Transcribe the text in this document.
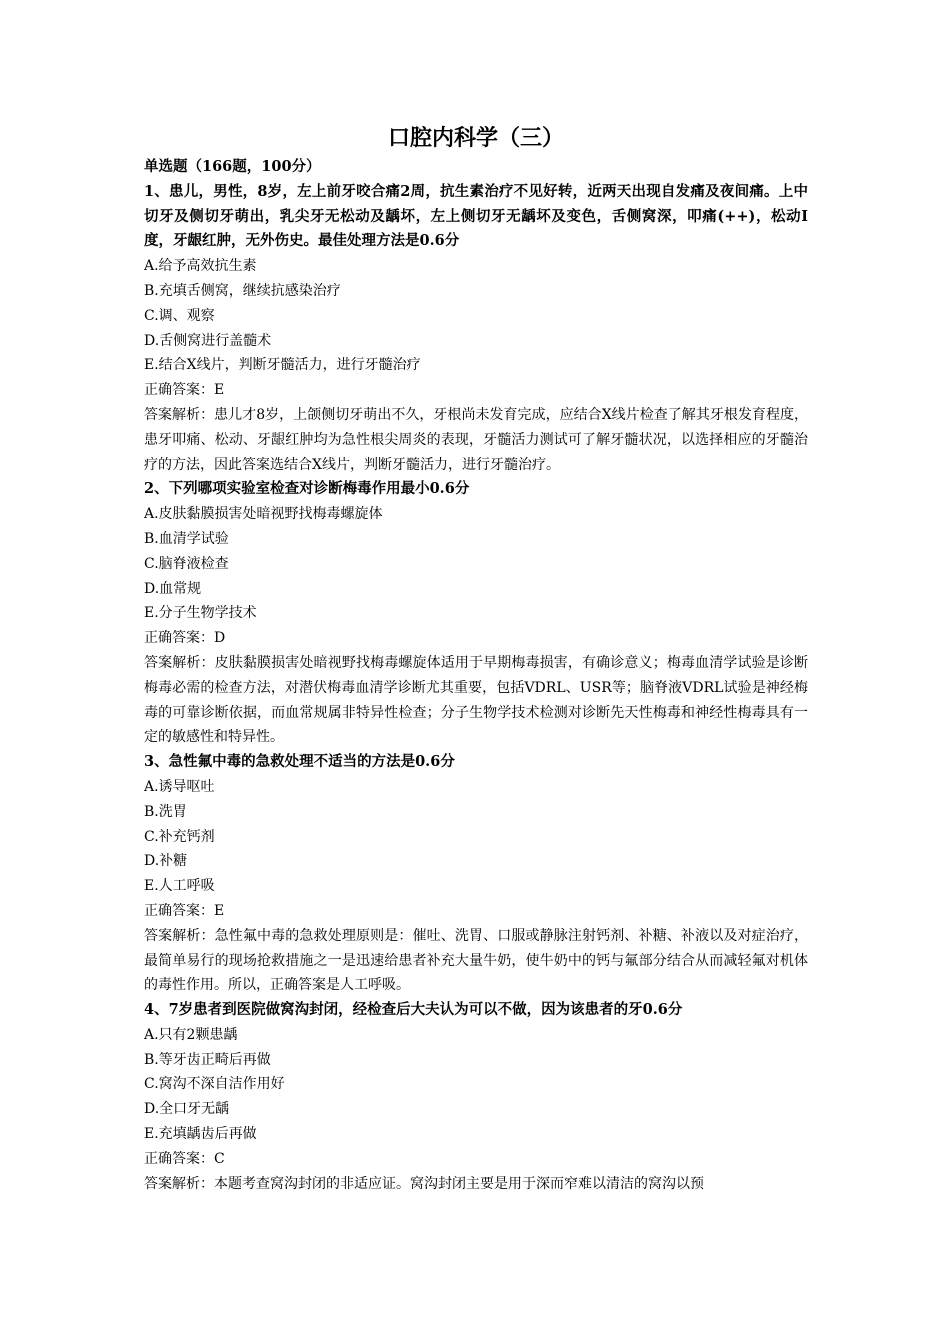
口腔内科学（三）
单选题（166题，100分）
1、患儿，男性，8岁，左上前牙咬合痛2周，抗生素治疗不见好转，近两天出现自发痛及夜间痛。上中切牙及侧切牙萌出，乳尖牙无松动及龋坏，左上侧切牙无龋坏及变色，舌侧窝深，叩痛(++)，松动Ⅰ度，牙龈红肿，无外伤史。最佳处理方法是0.6分
A.给予高效抗生素
B.充填舌侧窝，继续抗感染治疗
C.调、观察
D.舌侧窝进行盖髓术
E.结合X线片，判断牙髓活力，进行牙髓治疗
正确答案：E
答案解析：患儿才8岁，上颌侧切牙萌出不久，牙根尚未发育完成，应结合X线片检查了解其牙根发育程度，患牙叩痛、松动、牙龈红肿均为急性根尖周炎的表现，牙髓活力测试可了解牙髓状况，以选择相应的牙髓治疗的方法，因此答案选结合X线片，判断牙髓活力，进行牙髓治疗。
2、下列哪项实验室检查对诊断梅毒作用最小0.6分
A.皮肤黏膜损害处暗视野找梅毒螺旋体
B.血清学试验
C.脑脊液检查
D.血常规
E.分子生物学技术
正确答案：D
答案解析：皮肤黏膜损害处暗视野找梅毒螺旋体适用于早期梅毒损害，有确诊意义；梅毒血清学试验是诊断梅毒必需的检查方法，对潜伏梅毒血清学诊断尤其重要，包括VDRL、USR等；脑脊液VDRL试验是神经梅毒的可靠诊断依据，而血常规属非特异性检查；分子生物学技术检测对诊断先天性梅毒和神经性梅毒具有一定的敏感性和特异性。
3、急性氟中毒的急救处理不适当的方法是0.6分
A.诱导呕吐
B.洗胃
C.补充钙剂
D.补糖
E.人工呼吸
正确答案：E
答案解析：急性氟中毒的急救处理原则是：催吐、洗胃、口服或静脉注射钙剂、补糖、补液以及对症治疗，最简单易行的现场抢救措施之一是迅速给患者补充大量牛奶，使牛奶中的钙与氟部分结合从而减轻氟对机体的毒性作用。所以，正确答案是人工呼吸。
4、7岁患者到医院做窝沟封闭，经检查后大夫认为可以不做，因为该患者的牙0.6分
A.只有2颗患龋
B.等牙齿正畸后再做
C.窝沟不深自洁作用好
D.全口牙无龋
E.充填龋齿后再做
正确答案：C
答案解析：本题考查窝沟封闭的非适应证。窝沟封闭主要是用于深而窄难以清洁的窝沟以预
